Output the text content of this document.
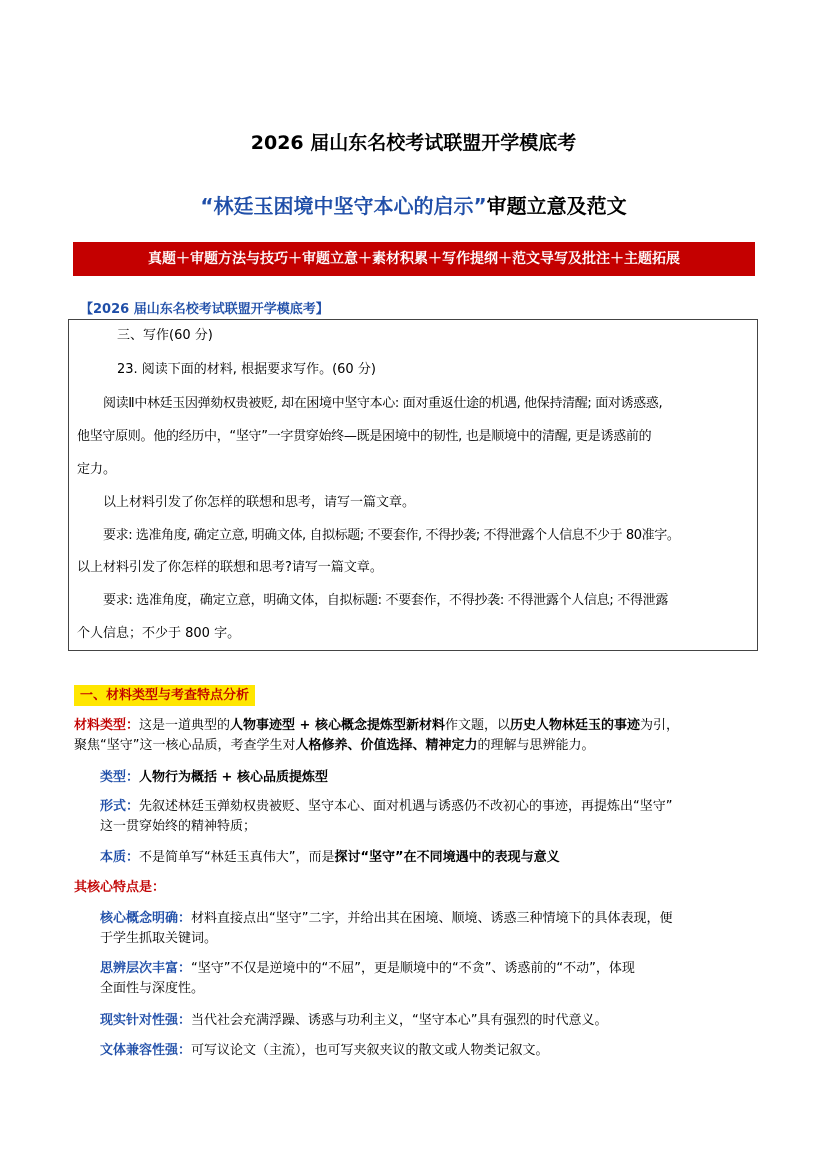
2026 届山东名校考试联盟开学模底考
“林廷玉困境中坚守本心的启示”审题立意及范文
真题＋审题方法与技巧＋审题立意＋素材积累＋写作提纲＋范文导写及批注＋主题拓展
【2026 届山东名校考试联盟开学模底考】
三、写作(60 分)
23. 阅读下面的材料, 根据要求写作。(60 分)
阅读Ⅱ中林廷玉因弹劾权贵被贬, 却在困境中坚守本心: 面对重返仕途的机遇, 他保持清醒; 面对诱惑惑,
他坚守原则。他的经历中，“坚守”一字贯穿始终—既是困境中的韧性, 也是顺境中的清醒, 更是诱惑前的
定力。
以上材料引发了你怎样的联想和思考，请写一篇文章。
要求: 选准角度, 确定立意, 明确文体, 自拟标题; 不要套作, 不得抄袭; 不得泄露个人信息不少于 80准字。
以上材料引发了你怎样的联想和思考?请写一篇文章。
要求: 选准角度，确定立意，明确文体，自拟标题: 不要套作，不得抄袭: 不得泄露个人信息; 不得泄露
个人信息；不少于 800 字。
一、材料类型与考查特点分析
材料类型：这是一道典型的人物事迹型 + 核心概念提炼型新材料作文题，以历史人物林廷玉的事迹为引，
聚焦“坚守”这一核心品质，考查学生对人格修养、价值选择、精神定力的理解与思辨能力。
类型：人物行为概括 + 核心品质提炼型
形式：先叙述林廷玉弹劾权贵被贬、坚守本心、面对机遇与诱惑仍不改初心的事迹，再提炼出“坚守”
这一贯穿始终的精神特质；
本质：不是简单写“林廷玉真伟大”，而是探讨“坚守”在不同境遇中的表现与意义
其核心特点是：
核心概念明确：材料直接点出“坚守”二字，并给出其在困境、顺境、诱惑三种情境下的具体表现，便
于学生抓取关键词。
思辨层次丰富：“坚守”不仅是逆境中的“不屈”，更是顺境中的“不贪”、诱惑前的“不动”，体现
全面性与深度性。
现实针对性强：当代社会充满浮躁、诱惑与功利主义，“坚守本心”具有强烈的时代意义。
文体兼容性强：可写议论文（主流），也可写夹叙夹议的散文或人物类记叙文。
